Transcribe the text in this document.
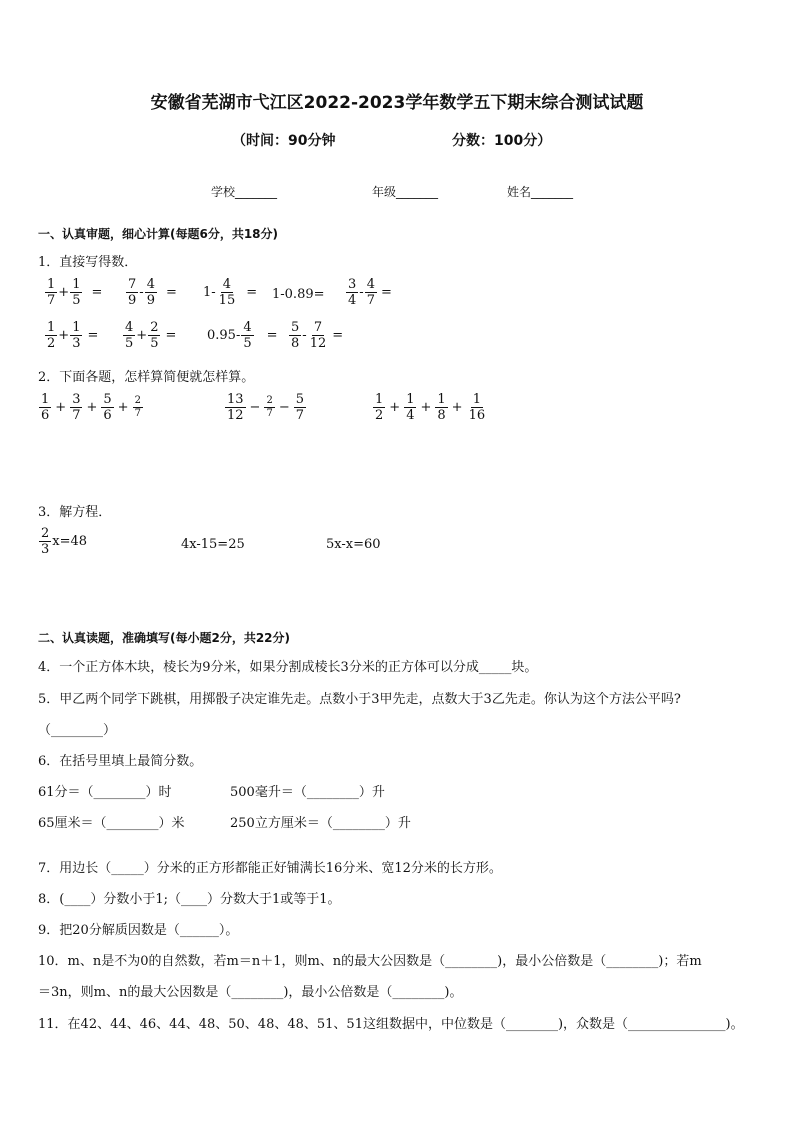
安徽省芜湖市弋江区2022-2023学年数学五下期末综合测试试题
（时间：90分钟	分数：100分）
学校_______	年级_______	姓名_______
一、认真审题，细心计算(每题6分，共18分)
1．直接写得数．
$\frac{1}{7} + \frac{1}{5} = \frac{7}{9} - \frac{4}{9} = 1- \frac{4}{15} = 1-0.89= \frac{3}{4} - \frac{4}{7}$ =
$\frac{1}{2} + \frac{1}{3} = \frac{4}{5} + \frac{2}{5} = 0.95- \frac{4}{5} = \frac{5}{8} - \frac{7}{12}$ =
2．下面各题，怎样算简便就怎样算。
$\frac{1}{6} + \frac{3}{7} + \frac{5}{6} + \frac{2}{7}$	$\frac{13}{12} - \frac{2}{7} - \frac{5}{7}$	$\frac{1}{2} + \frac{1}{4} + \frac{1}{8} + \frac{1}{16}$
3．解方程．
$\frac{2}{3} x=48$	4x-15=25	5x-x=60
二、认真读题，准确填写(每小题2分，共22分)
4．一个正方体木块，棱长为9分米，如果分割成棱长3分米的正方体可以分成_____块。
5．甲乙两个同学下跳棋，用掷骰子决定谁先走。点数小于3甲先走，点数大于3乙先走。你认为这个方法公平吗?
（________）
6．在括号里填上最简分数。
61分＝（________）时	500毫升＝（________）升
65厘米＝（________）米	250立方厘米＝（________）升
7．用边长（_____）分米的正方形都能正好铺满长16分米、宽12分米的长方形。
8．(____）分数小于1;（____）分数大于1或等于1。
9．把20分解质因数是（______）。
10．m、n是不为0的自然数，若m＝n＋1，则m、n的最大公因数是（________)，最小公倍数是（________)；若m
＝3n，则m、n的最大公因数是（________)，最小公倍数是（________)。
11．在42、44、46、44、48、50、48、48、51、51这组数据中，中位数是（________)，众数是（_______________)。
